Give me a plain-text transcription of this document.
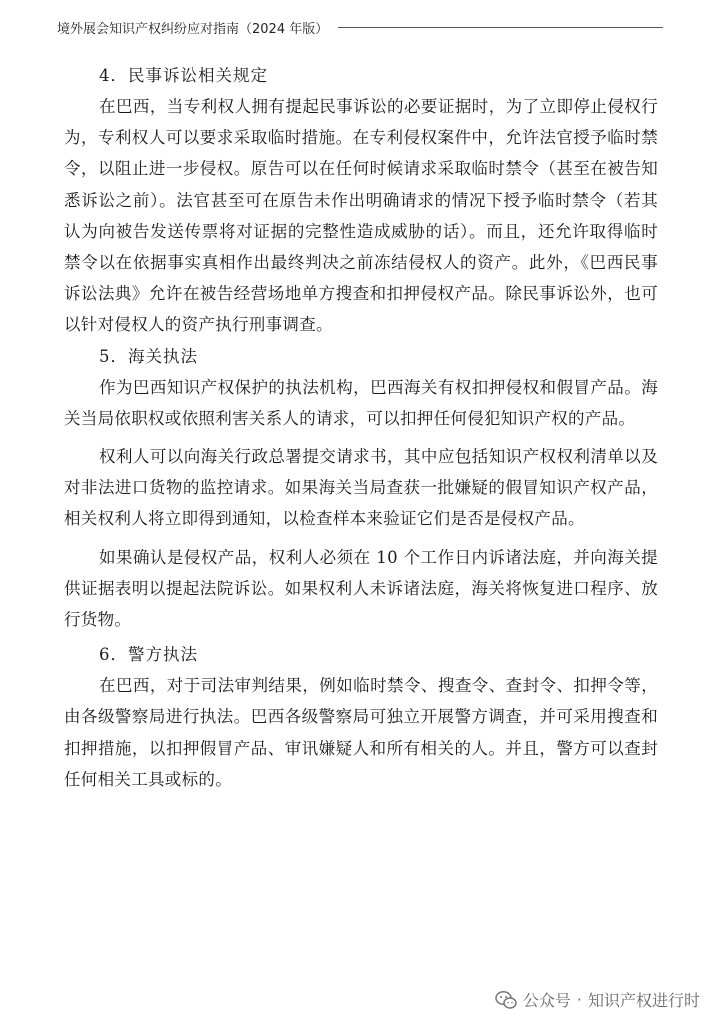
境外展会知识产权纠纷应对指南（2024 年版）
4．民事诉讼相关规定

在巴西，当专利权人拥有提起民事诉讼的必要证据时，为了立即停止侵权行为，专利权人可以要求采取临时措施。在专利侵权案件中，允许法官授予临时禁令，以阻止进一步侵权。原告可以在任何时候请求采取临时禁令（甚至在被告知悉诉讼之前）。法官甚至可在原告未作出明确请求的情况下授予临时禁令（若其认为向被告发送传票将对证据的完整性造成威胁的话）。而且，还允许取得临时禁令以在依据事实真相作出最终判决之前冻结侵权人的资产。此外，《巴西民事诉讼法典》允许在被告经营场地单方搜查和扣押侵权产品。除民事诉讼外，也可以针对侵权人的资产执行刑事调查。

5．海关执法

作为巴西知识产权保护的执法机构，巴西海关有权扣押侵权和假冒产品。海关当局依职权或依照利害关系人的请求，可以扣押任何侵犯知识产权的产品。

权利人可以向海关行政总署提交请求书，其中应包括知识产权权利清单以及对非法进口货物的监控请求。如果海关当局查获一批嫌疑的假冒知识产权产品，相关权利人将立即得到通知，以检查样本来验证它们是否是侵权产品。

如果确认是侵权产品，权利人必须在 10 个工作日内诉诸法庭，并向海关提供证据表明以提起法院诉讼。如果权利人未诉诸法庭，海关将恢复进口程序、放行货物。

6．警方执法

在巴西，对于司法审判结果，例如临时禁令、搜查令、查封令、扣押令等，由各级警察局进行执法。巴西各级警察局可独立开展警方调查，并可采用搜查和扣押措施，以扣押假冒产品、审讯嫌疑人和所有相关的人。并且，警方可以查封任何相关工具或标的。

公众号 · 知识产权进行时
